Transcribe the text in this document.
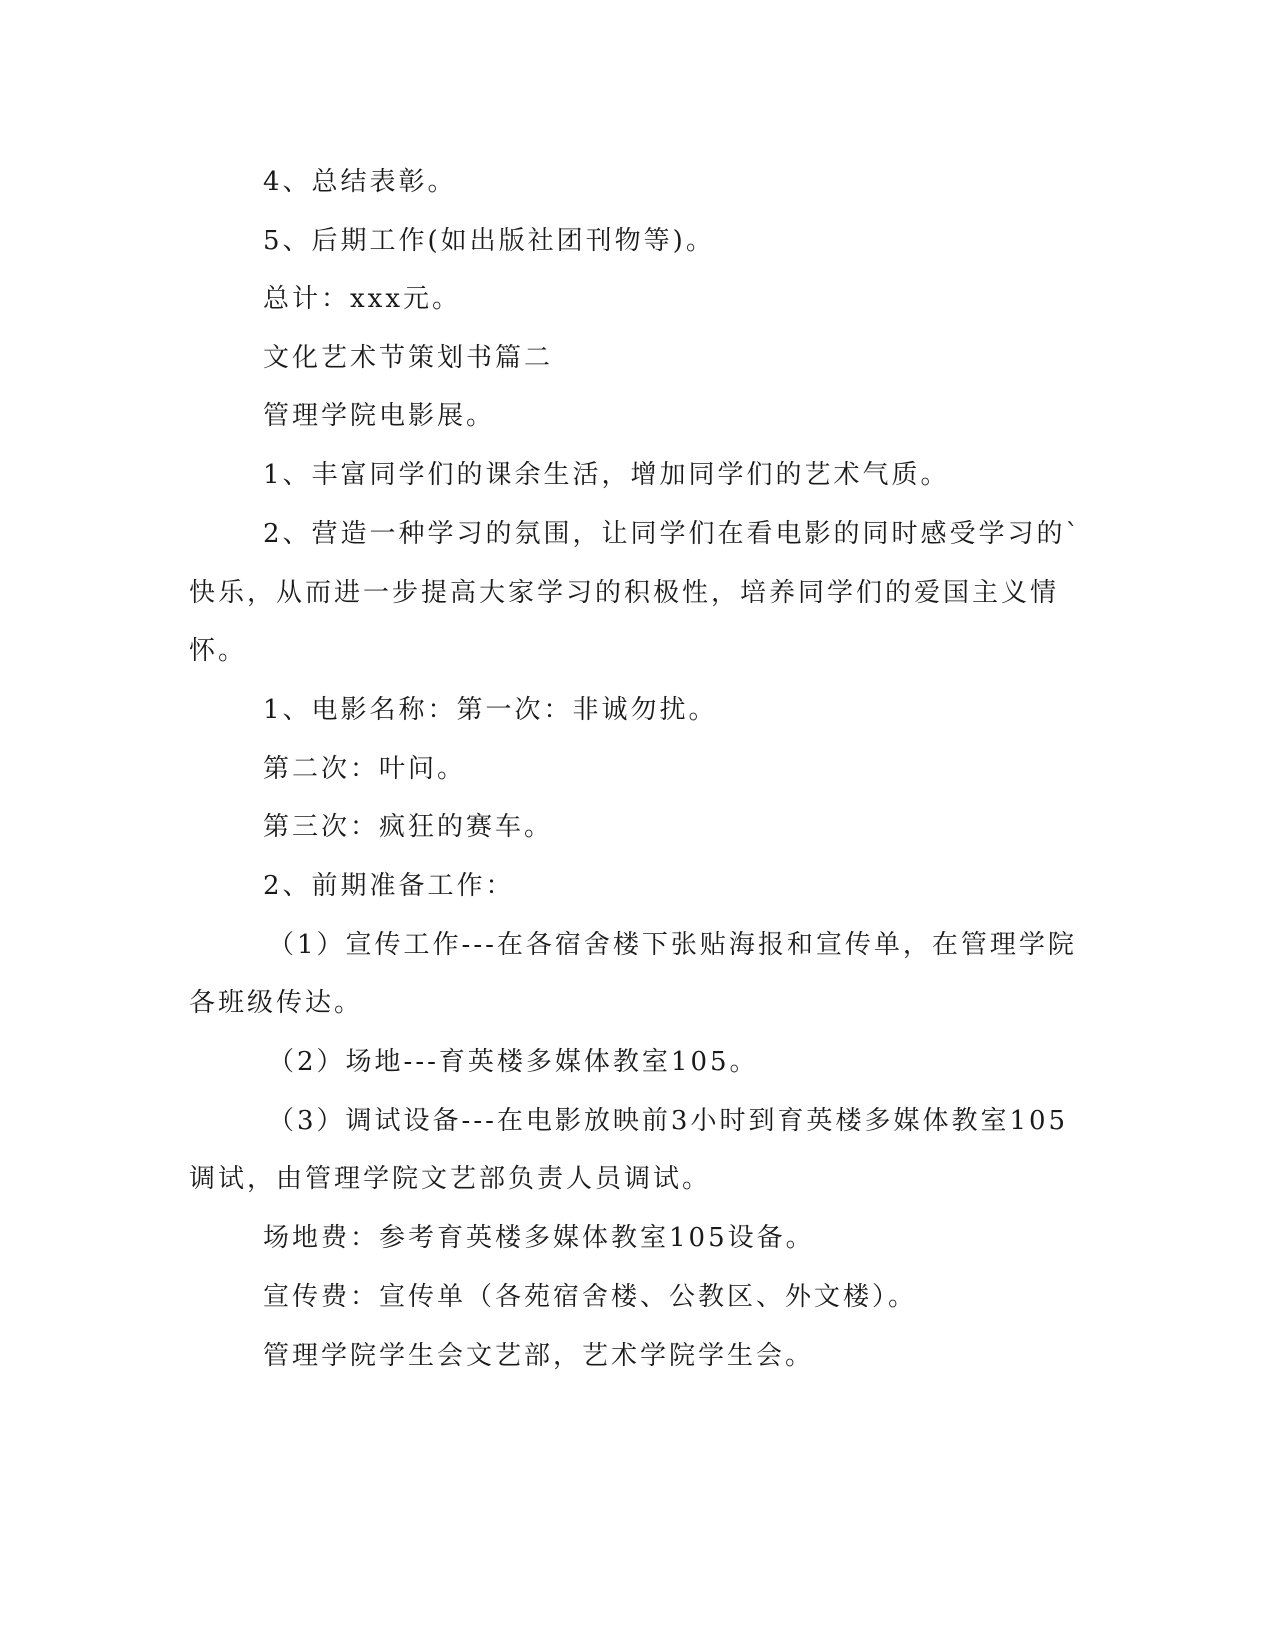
4、总结表彰。

5、后期工作(如出版社团刊物等)。

总计：xxx元。

文化艺术节策划书篇二

管理学院电影展。

1、丰富同学们的课余生活，增加同学们的艺术气质。

2、营造一种学习的氛围，让同学们在看电影的同时感受学习的`

快乐，从而进一步提高大家学习的积极性，培养同学们的爱国主义情

怀。

1、电影名称：第一次：非诚勿扰。

第二次：叶问。

第三次：疯狂的赛车。

2、前期准备工作：

（1）宣传工作---在各宿舍楼下张贴海报和宣传单，在管理学院

各班级传达。

（2）场地---育英楼多媒体教室105。

（3）调试设备---在电影放映前3小时到育英楼多媒体教室105

调试，由管理学院文艺部负责人员调试。

场地费：参考育英楼多媒体教室105设备。

宣传费：宣传单（各苑宿舍楼、公教区、外文楼）。

管理学院学生会文艺部，艺术学院学生会。
